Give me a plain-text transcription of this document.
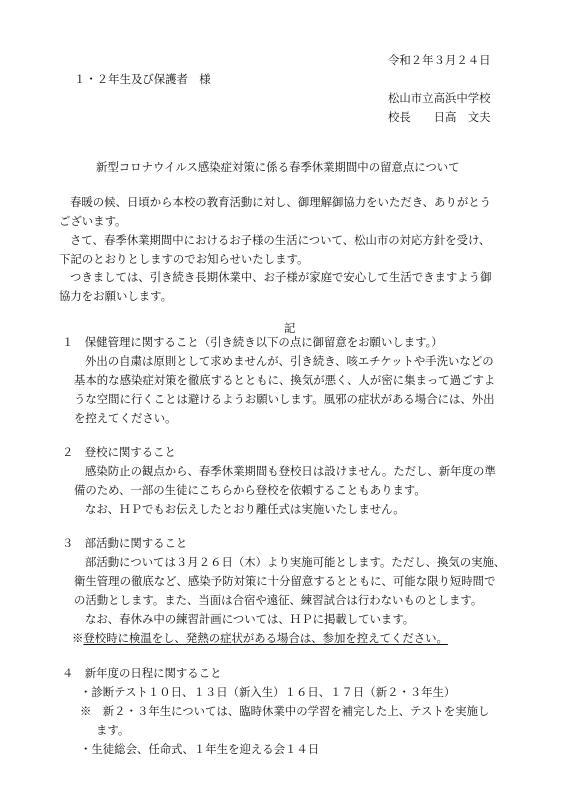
令和２年３月２４日
１・２年生及び保護者　様
松山市立高浜中学校
校長　　日高　文夫
新型コロナウイルス感染症対策に係る春季休業期間中の留意点について
春暖の候、日頃から本校の教育活動に対し、御理解御協力をいただき、ありがとう
ございます。
さて、春季休業期間中におけるお子様の生活について、松山市の対応方針を受け、
下記のとおりとしますのでお知らせいたします。
つきましては、引き続き長期休業中、お子様が家庭で安心して生活できますよう御
協力をお願いします。
記
１　保健管理に関すること（引き続き以下の点に御留意をお願いします。）
外出の自粛は原則として求めませんが、引き続き、咳エチケットや手洗いなどの
基本的な感染症対策を徹底するとともに、換気が悪く、人が密に集まって過ごすよ
うな空間に行くことは避けるようお願いします。風邪の症状がある場合には、外出
を控えてください。
２　登校に関すること
感染防止の観点から、春季休業期間も登校日は設けません。ただし、新年度の準
備のため、一部の生徒にこちらから登校を依頼することもあります。
なお、ＨＰでもお伝えしたとおり離任式は実施いたしません。
３　部活動に関すること
部活動については３月２６日（木）より実施可能とします。ただし、換気の実施、
衛生管理の徹底など、感染予防対策に十分留意するとともに、可能な限り短時間で
の活動とします。また、当面は合宿や遠征、練習試合は行わないものとします。
なお、春休み中の練習計画については、ＨＰに掲載しています。
※登校時に検温をし、発熱の症状がある場合は、参加を控えてください。
４　新年度の日程に関すること
・診断テスト１０日、１３日（新入生）１６日、１７日（新２・３年生）
※　新２・３年生については、臨時休業中の学習を補完した上、テストを実施し
ます。
・生徒総会、任命式、１年生を迎える会１４日
